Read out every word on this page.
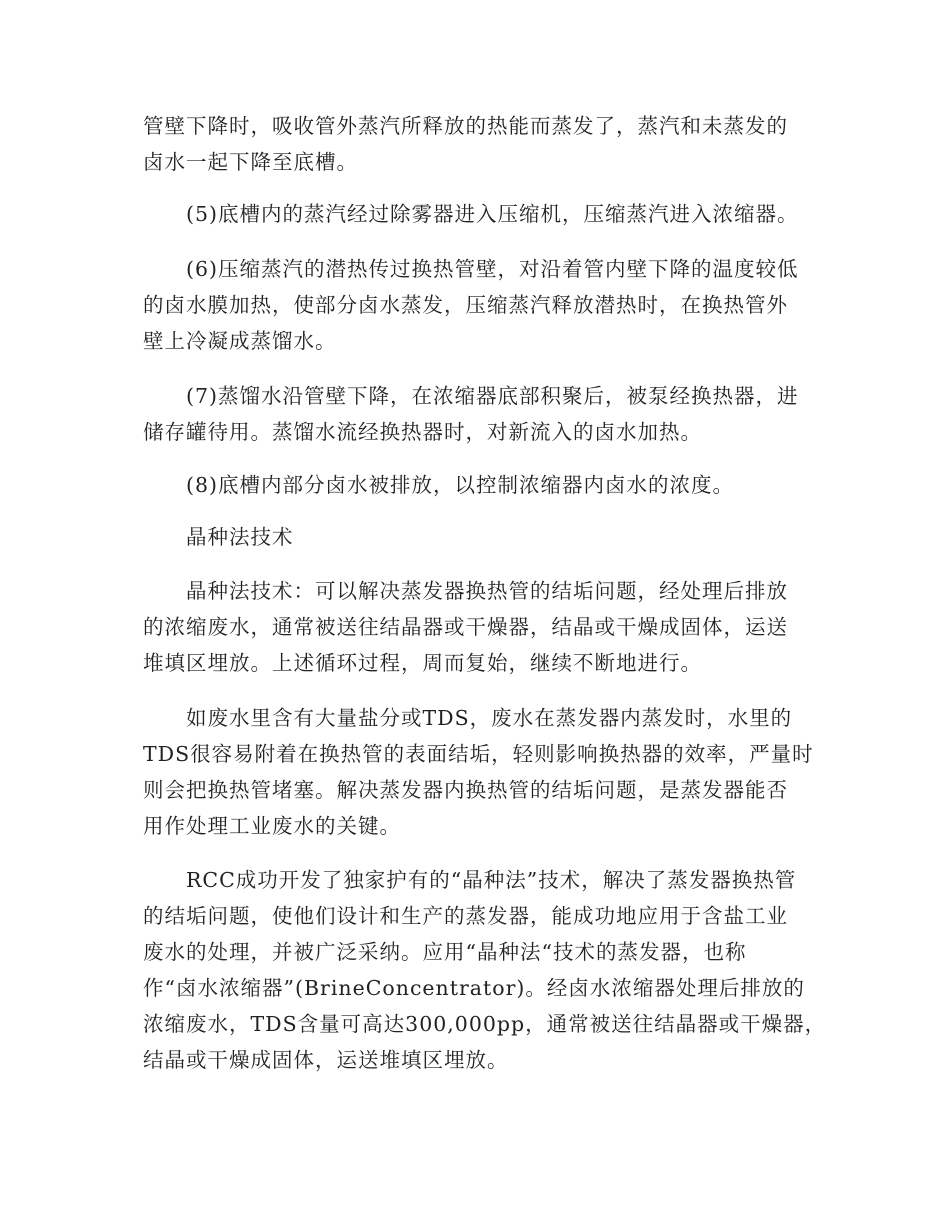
管壁下降时，吸收管外蒸汽所释放的热能而蒸发了，蒸汽和未蒸发的
卤水一起下降至底槽。
　　(5)底槽内的蒸汽经过除雾器进入压缩机，压缩蒸汽进入浓缩器。
　　(6)压缩蒸汽的潜热传过换热管壁，对沿着管内壁下降的温度较低
的卤水膜加热，使部分卤水蒸发，压缩蒸汽释放潜热时，在换热管外
壁上冷凝成蒸馏水。
　　(7)蒸馏水沿管壁下降，在浓缩器底部积聚后，被泵经换热器，进
储存罐待用。蒸馏水流经换热器时，对新流入的卤水加热。
　　(8)底槽内部分卤水被排放，以控制浓缩器内卤水的浓度。
　　晶种法技术
　　晶种法技术：可以解决蒸发器换热管的结垢问题，经处理后排放
的浓缩废水，通常被送往结晶器或干燥器，结晶或干燥成固体，运送
堆填区埋放。上述循环过程，周而复始，继续不断地进行。
　　如废水里含有大量盐分或TDS，废水在蒸发器内蒸发时，水里的
TDS很容易附着在换热管的表面结垢，轻则影响换热器的效率，严量时
则会把换热管堵塞。解决蒸发器内换热管的结垢问题，是蒸发器能否
用作处理工业废水的关键。
　　RCC成功开发了独家护有的“晶种法”技术，解决了蒸发器换热管
的结垢问题，使他们设计和生产的蒸发器，能成功地应用于含盐工业
废水的处理，并被广泛采纳。应用“晶种法“技术的蒸发器，也称
作“卤水浓缩器”(BrineConcentrator)。经卤水浓缩器处理后排放的
浓缩废水，TDS含量可高达300,000pp，通常被送往结晶器或干燥器，
结晶或干燥成固体，运送堆填区埋放。
